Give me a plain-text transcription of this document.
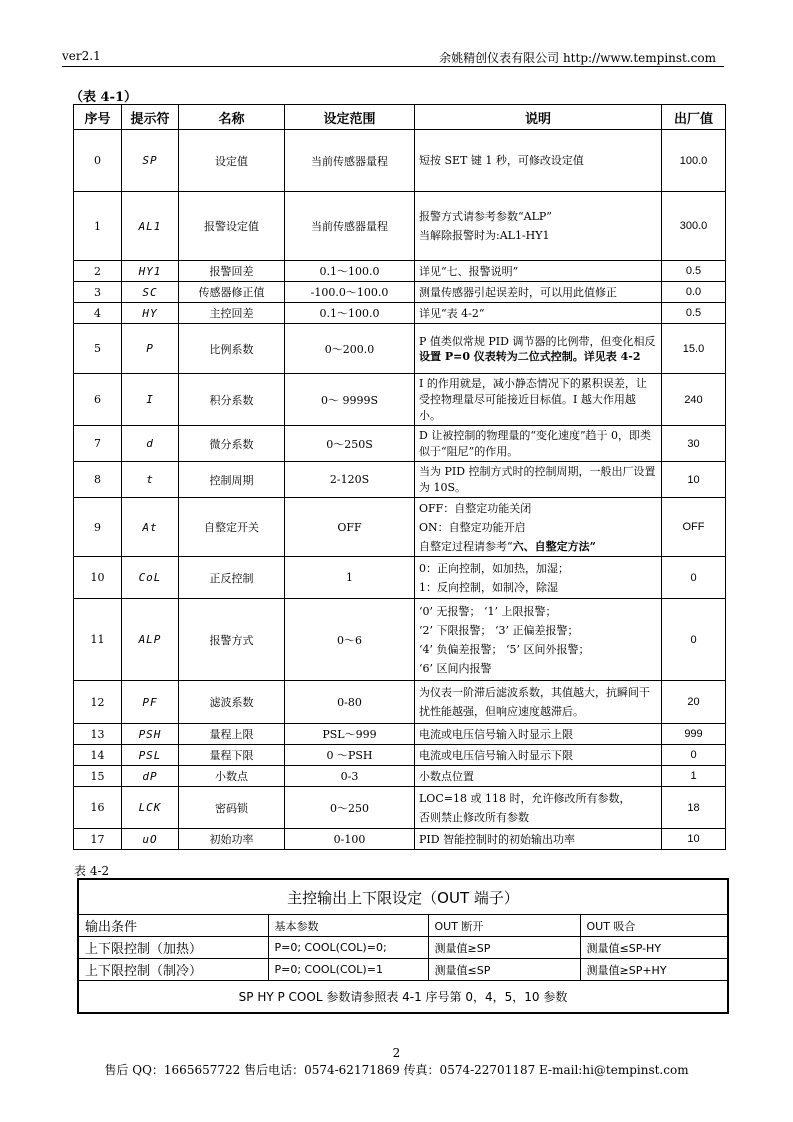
ver2.1	余姚精创仪表有限公司 http://www.tempinst.com
（表 4-1）
序号	提示符	名称	设定范围	说明	出厂值
0	SP	设定值	当前传感器量程	短按 SET 键 1 秒，可修改设定值	100.0
1	AL1	报警设定值	当前传感器量程	报警方式请参考参数“ALP”
当解除报警时为:AL1-HY1	300.0
2	HY1	报警回差	0.1～100.0	详见“七、报警说明”	0.5
3	SC	传感器修正值	-100.0～100.0	测量传感器引起误差时，可以用此值修正	0.0
4	HY	主控回差	0.1～100.0	详见“表 4-2“	0.5
5	P	比例系数	0～200.0	P 值类似常规 PID 调节器的比例带，但变化相反
设置 P=0 仪表转为二位式控制。详见表 4-2	15.0
6	I	积分系数	0～ 9999S	I 的作用就是，减小静态情况下的累积误差，让受控物理量尽可能接近目标值。I 越大作用越小。	240
7	d	微分系数	0～250S	D 让被控制的物理量的“变化速度”趋于 0，即类似于“阻尼”的作用。	30
8	t	控制周期	2-120S	当为 PID 控制方式时的控制周期，一般出厂设置为 10S。	10
9	At	自整定开关	OFF	OFF：自整定功能关闭
ON：自整定功能开启
自整定过程请参考“六、自整定方法”	OFF
10	CoL	正反控制	1	0：正向控制，如加热，加湿；
1：反向控制，如制冷，除湿	0
11	ALP	报警方式	0～6	‘0’ 无报警； ‘1’ 上限报警；
‘2’ 下限报警； ‘3’ 正偏差报警；
‘4’ 负偏差报警； ‘5’ 区间外报警；
‘6’ 区间内报警	0
12	PF	滤波系数	0-80	为仪表一阶滞后滤波系数，其值越大，抗瞬间干扰性能越强，但响应速度越滞后。	20
13	PSH	量程上限	PSL～999	电流或电压信号输入时显示上限	999
14	PSL	量程下限	0 ～PSH	电流或电压信号输入时显示下限	0
15	dP	小数点	0-3	小数点位置	1
16	LCK	密码锁	0～250	LOC=18 或 118 时，允许修改所有参数，
否则禁止修改所有参数	18
17	uO	初始功率	0-100	PID 智能控制时的初始输出功率	10
表 4-2
主控输出上下限设定（OUT 端子）			
输出条件	基本参数	OUT 断开	OUT 吸合
上下限控制（加热）	P=0; COOL(COL)=0;	测量值≥SP	测量值≤SP-HY
上下限控制（制冷）	P=0; COOL(COL)=1	测量值≤SP	测量值≥SP+HY
SP HY P COOL 参数请参照表 4-1 序号第 0，4，5，10 参数			
2
售后 QQ：1665657722 售后电话：0574-62171869 传真：0574-22701187 E-mail:hi@tempinst.com
